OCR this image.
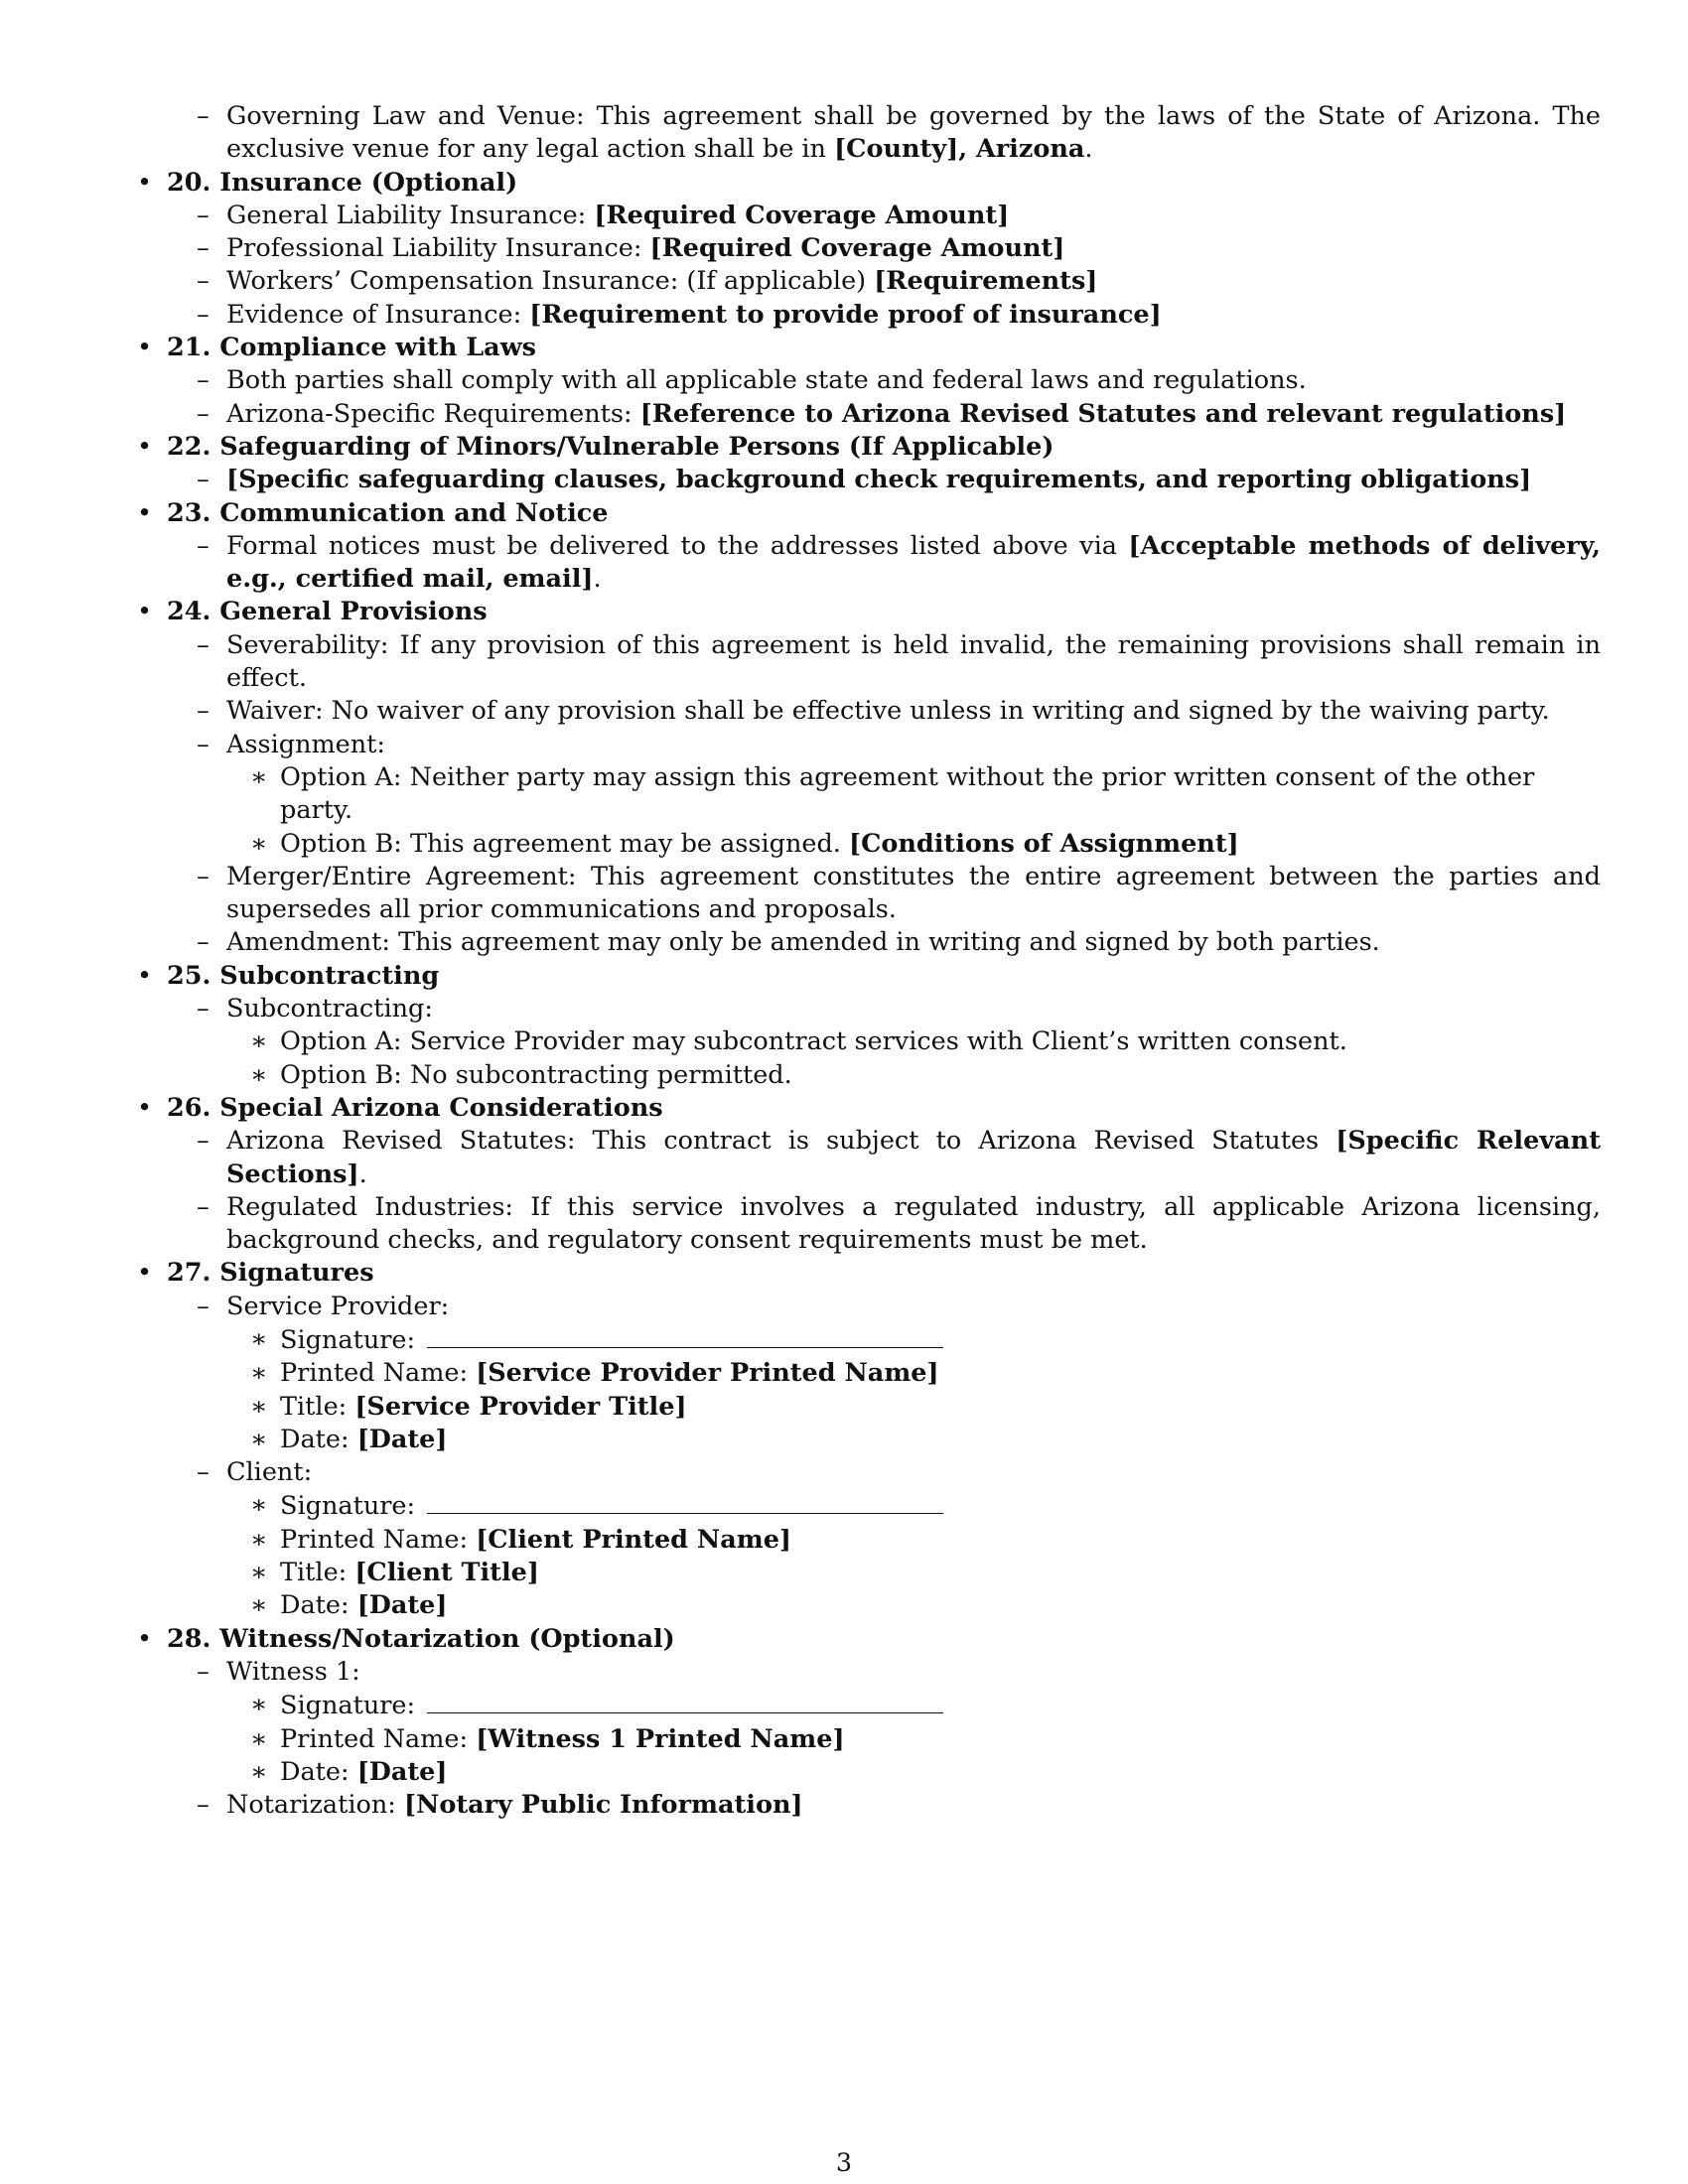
– Governing Law and Venue: This agreement shall be governed by the laws of the State of Arizona. The exclusive venue for any legal action shall be in [County], Arizona.
• 20. Insurance (Optional)
– General Liability Insurance: [Required Coverage Amount]
– Professional Liability Insurance: [Required Coverage Amount]
– Workers’ Compensation Insurance: (If applicable) [Requirements]
– Evidence of Insurance: [Requirement to provide proof of insurance]
• 21. Compliance with Laws
– Both parties shall comply with all applicable state and federal laws and regulations.
– Arizona-Specific Requirements: [Reference to Arizona Revised Statutes and relevant regulations]
• 22. Safeguarding of Minors/Vulnerable Persons (If Applicable)
– [Specific safeguarding clauses, background check requirements, and reporting obligations]
• 23. Communication and Notice
– Formal notices must be delivered to the addresses listed above via [Acceptable methods of delivery, e.g., certified mail, email].
• 24. General Provisions
– Severability: If any provision of this agreement is held invalid, the remaining provisions shall remain in effect.
– Waiver: No waiver of any provision shall be effective unless in writing and signed by the waiving party.
– Assignment:
∗ Option A: Neither party may assign this agreement without the prior written consent of the other party.
∗ Option B: This agreement may be assigned. [Conditions of Assignment]
– Merger/Entire Agreement: This agreement constitutes the entire agreement between the parties and supersedes all prior communications and proposals.
– Amendment: This agreement may only be amended in writing and signed by both parties.
• 25. Subcontracting
– Subcontracting:
∗ Option A: Service Provider may subcontract services with Client’s written consent.
∗ Option B: No subcontracting permitted.
• 26. Special Arizona Considerations
– Arizona Revised Statutes: This contract is subject to Arizona Revised Statutes [Specific Relevant Sections].
– Regulated Industries: If this service involves a regulated industry, all applicable Arizona licensing, background checks, and regulatory consent requirements must be met.
• 27. Signatures
– Service Provider:
∗ Signature:
∗ Printed Name: [Service Provider Printed Name]
∗ Title: [Service Provider Title]
∗ Date: [Date]
– Client:
∗ Signature:
∗ Printed Name: [Client Printed Name]
∗ Title: [Client Title]
∗ Date: [Date]
• 28. Witness/Notarization (Optional)
– Witness 1:
∗ Signature:
∗ Printed Name: [Witness 1 Printed Name]
∗ Date: [Date]
– Notarization: [Notary Public Information]
3
